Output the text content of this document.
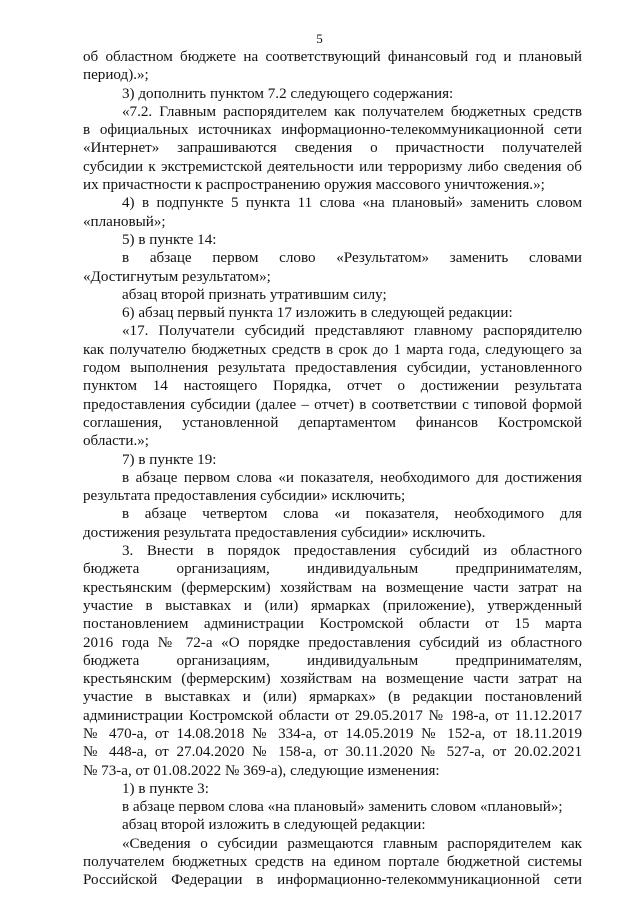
5
об областном бюджете на соответствующий финансовый год и плановый
период).»;
3) дополнить пунктом 7.2 следующего содержания:
«7.2. Главным распорядителем как получателем бюджетных средств
в официальных источниках информационно-телекоммуникационной сети
«Интернет» запрашиваются сведения о причастности получателей
субсидии к экстремистской деятельности или терроризму либо сведения об
их причастности к распространению оружия массового уничтожения.»;
4) в подпункте 5 пункта 11 слова «на плановый» заменить словом
«плановый»;
5) в пункте 14:
в абзаце первом слово «Результатом» заменить словами
«Достигнутым результатом»;
абзац второй признать утратившим силу;
6) абзац первый пункта 17 изложить в следующей редакции:
«17. Получатели субсидий представляют главному распорядителю
как получателю бюджетных средств в срок до 1 марта года, следующего за
годом выполнения результата предоставления субсидии, установленного
пунктом 14 настоящего Порядка, отчет о достижении результата
предоставления субсидии (далее – отчет) в соответствии с типовой формой
соглашения, установленной департаментом финансов Костромской
области.»;
7) в пункте 19:
в абзаце первом слова «и показателя, необходимого для достижения
результата предоставления субсидии» исключить;
в абзаце четвертом слова «и показателя, необходимого для
достижения результата предоставления субсидии» исключить.
3. Внести в порядок предоставления субсидий из областного
бюджета организациям, индивидуальным предпринимателям,
крестьянским (фермерским) хозяйствам на возмещение части затрат на
участие в выставках и (или) ярмарках (приложение), утвержденный
постановлением администрации Костромской области от 15 марта
2016 года № 72-а «О порядке предоставления субсидий из областного
бюджета организациям, индивидуальным предпринимателям,
крестьянским (фермерским) хозяйствам на возмещение части затрат на
участие в выставках и (или) ярмарках» (в редакции постановлений
администрации Костромской области от 29.05.2017 № 198-а, от 11.12.2017
№ 470-а, от 14.08.2018 № 334-а, от 14.05.2019 № 152-а, от 18.11.2019
№ 448-а, от 27.04.2020 № 158-а, от 30.11.2020 № 527-а, от 20.02.2021
№ 73-а, от 01.08.2022 № 369-а), следующие изменения:
1) в пункте 3:
в абзаце первом слова «на плановый» заменить словом «плановый»;
абзац второй изложить в следующей редакции:
«Сведения о субсидии размещаются главным распорядителем как
получателем бюджетных средств на едином портале бюджетной системы
Российской Федерации в информационно-телекоммуникационной сети
